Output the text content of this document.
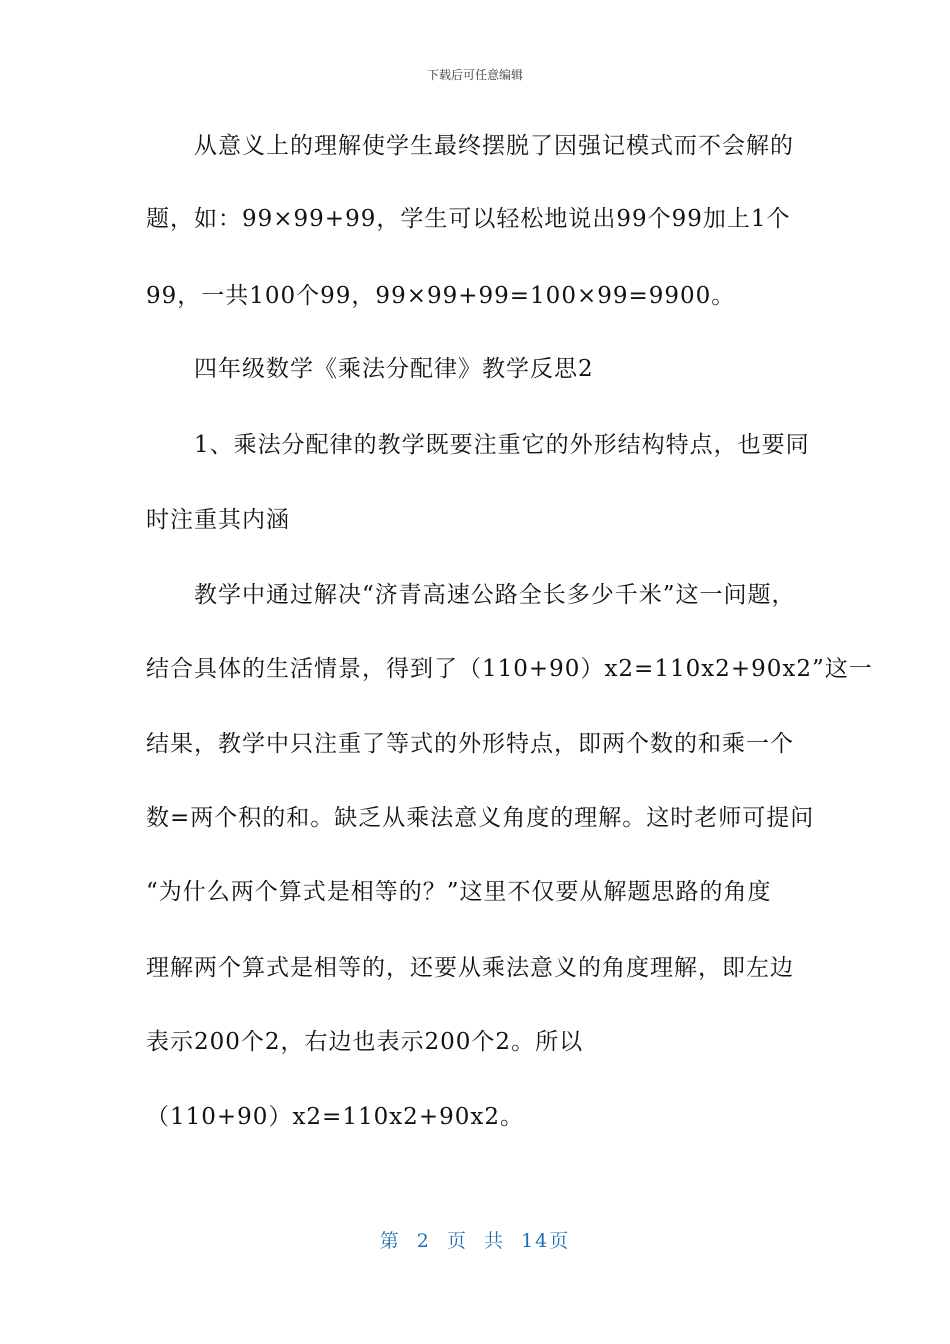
下载后可任意编辑
从意义上的理解使学生最终摆脱了因强记模式而不会解的
题，如：99×99+99，学生可以轻松地说出99个99加上1个
99，一共100个99，99×99+99=100×99=9900。
四年级数学《乘法分配律》教学反思2
1、乘法分配律的教学既要注重它的外形结构特点，也要同
时注重其内涵
教学中通过解决“济青高速公路全长多少千米”这一问题，
结合具体的生活情景，得到了（110+90）x2=110x2+90x2”这一
结果，教学中只注重了等式的外形特点，即两个数的和乘一个
数=两个积的和。缺乏从乘法意义角度的理解。这时老师可提问
“为什么两个算式是相等的？”这里不仅要从解题思路的角度
理解两个算式是相等的，还要从乘法意义的角度理解，即左边
表示200个2，右边也表示200个2。所以
（110+90）x2=110x2+90x2。
第 2 页 共 14页
